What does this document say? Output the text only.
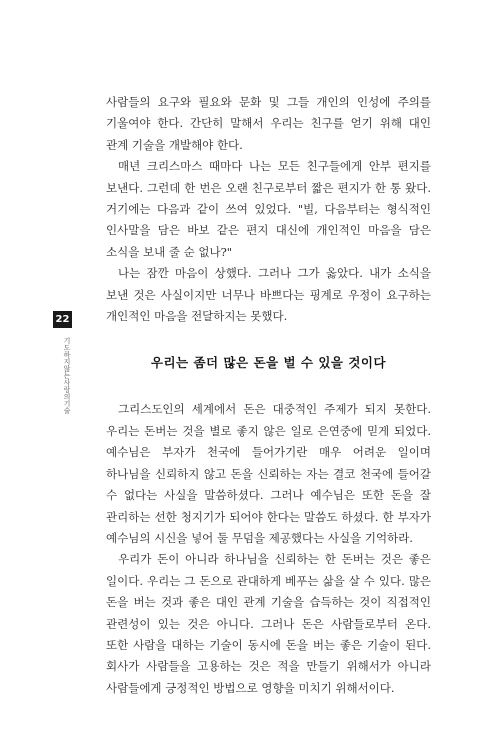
22
기도하지않는사랑의기술

사람들의 요구와 필요와 문화 및 그들 개인의 인성에 주의를 기울여야 한다. 간단히 말해서 우리는 친구를 얻기 위해 대인 관계 기술을 개발해야 한다.

매년 크리스마스 때마다 나는 모든 친구들에게 안부 편지를 보낸다. 그런데 한 번은 오랜 친구로부터 짧은 편지가 한 통 왔다. 거기에는 다음과 같이 쓰여 있었다. "빌, 다음부터는 형식적인 인사말을 담은 바보 같은 편지 대신에 개인적인 마음을 담은 소식을 보내 줄 순 없나?"

나는 잠깐 마음이 상했다. 그러나 그가 옳았다. 내가 소식을 보낸 것은 사실이지만 너무나 바쁘다는 핑계로 우정이 요구하는 개인적인 마음을 전달하지는 못했다.

우리는 좀더 많은 돈을 벌 수 있을 것이다

그리스도인의 세계에서 돈은 대중적인 주제가 되지 못한다. 우리는 돈버는 것을 별로 좋지 않은 일로 은연중에 믿게 되었다. 예수님은 부자가 천국에 들어가기란 매우 어려운 일이며 하나님을 신뢰하지 않고 돈을 신뢰하는 자는 결코 천국에 들어갈 수 없다는 사실을 말씀하셨다. 그러나 예수님은 또한 돈을 잘 관리하는 선한 청지기가 되어야 한다는 말씀도 하셨다. 한 부자가 예수님의 시신을 넣어 둘 무덤을 제공했다는 사실을 기억하라.

우리가 돈이 아니라 하나님을 신뢰하는 한 돈버는 것은 좋은 일이다. 우리는 그 돈으로 관대하게 베푸는 삶을 살 수 있다. 많은 돈을 버는 것과 좋은 대인 관계 기술을 습득하는 것이 직접적인 관련성이 있는 것은 아니다. 그러나 돈은 사람들로부터 온다. 또한 사람을 대하는 기술이 동시에 돈을 버는 좋은 기술이 된다. 회사가 사람들을 고용하는 것은 적을 만들기 위해서가 아니라 사람들에게 긍정적인 방법으로 영향을 미치기 위해서이다.
